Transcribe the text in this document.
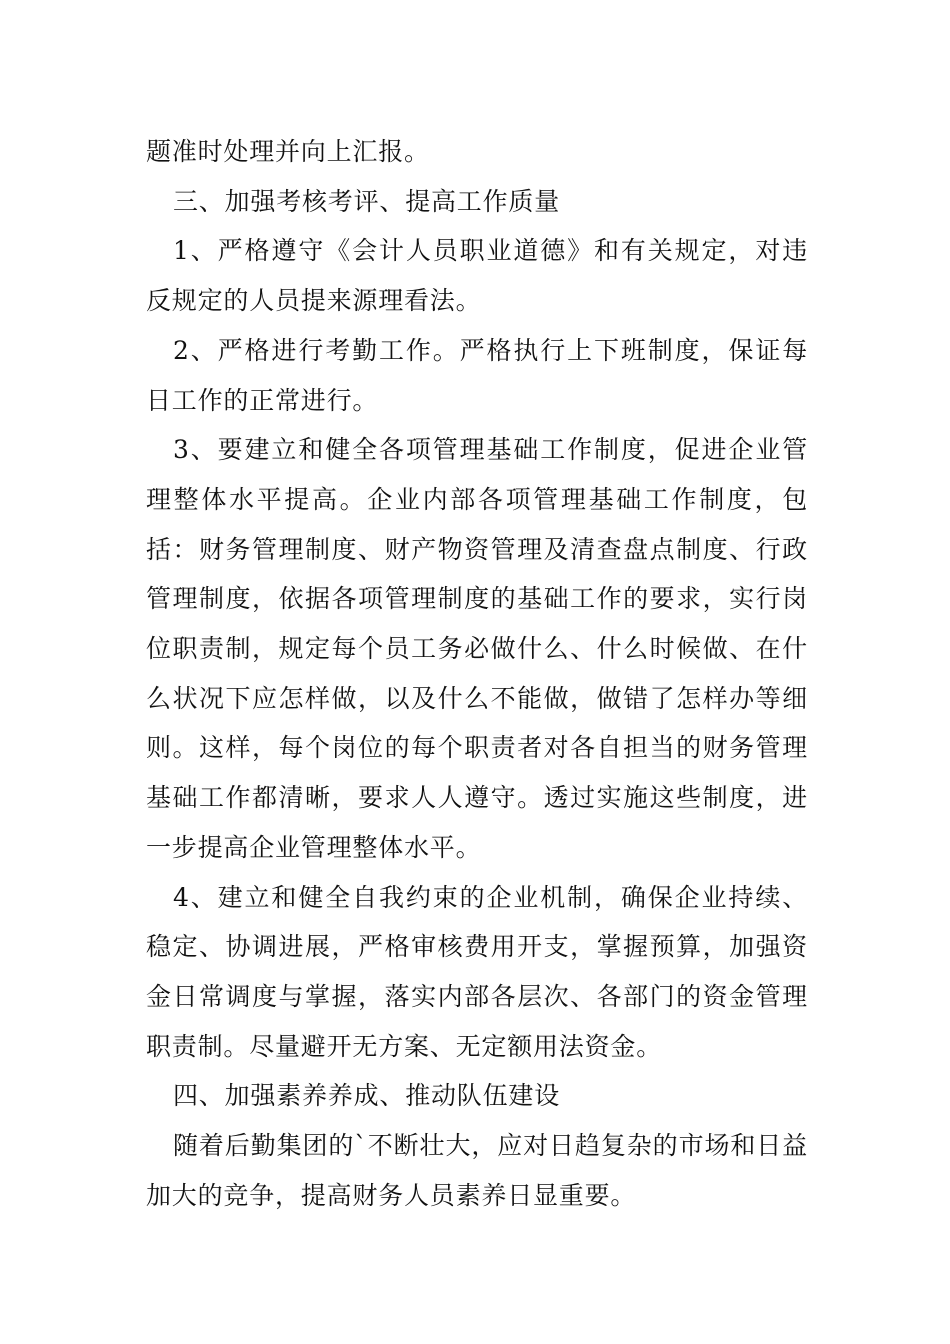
题准时处理并向上汇报。

三、加强考核考评、提高工作质量

1、严格遵守《会计人员职业道德》和有关规定，对违反规定的人员提来源理看法。

2、严格进行考勤工作。严格执行上下班制度，保证每日工作的正常进行。

3、要建立和健全各项管理基础工作制度，促进企业管理整体水平提高。企业内部各项管理基础工作制度，包括：财务管理制度、财产物资管理及清查盘点制度、行政管理制度，依据各项管理制度的基础工作的要求，实行岗位职责制，规定每个员工务必做什么、什么时候做、在什么状况下应怎样做，以及什么不能做，做错了怎样办等细则。这样，每个岗位的每个职责者对各自担当的财务管理基础工作都清晰，要求人人遵守。透过实施这些制度，进一步提高企业管理整体水平。

4、建立和健全自我约束的企业机制，确保企业持续、稳定、协调进展，严格审核费用开支，掌握预算，加强资金日常调度与掌握，落实内部各层次、各部门的资金管理职责制。尽量避开无方案、无定额用法资金。

四、加强素养养成、推动队伍建设

随着后勤集团的`不断壮大，应对日趋复杂的市场和日益加大的竞争，提高财务人员素养日显重要。
